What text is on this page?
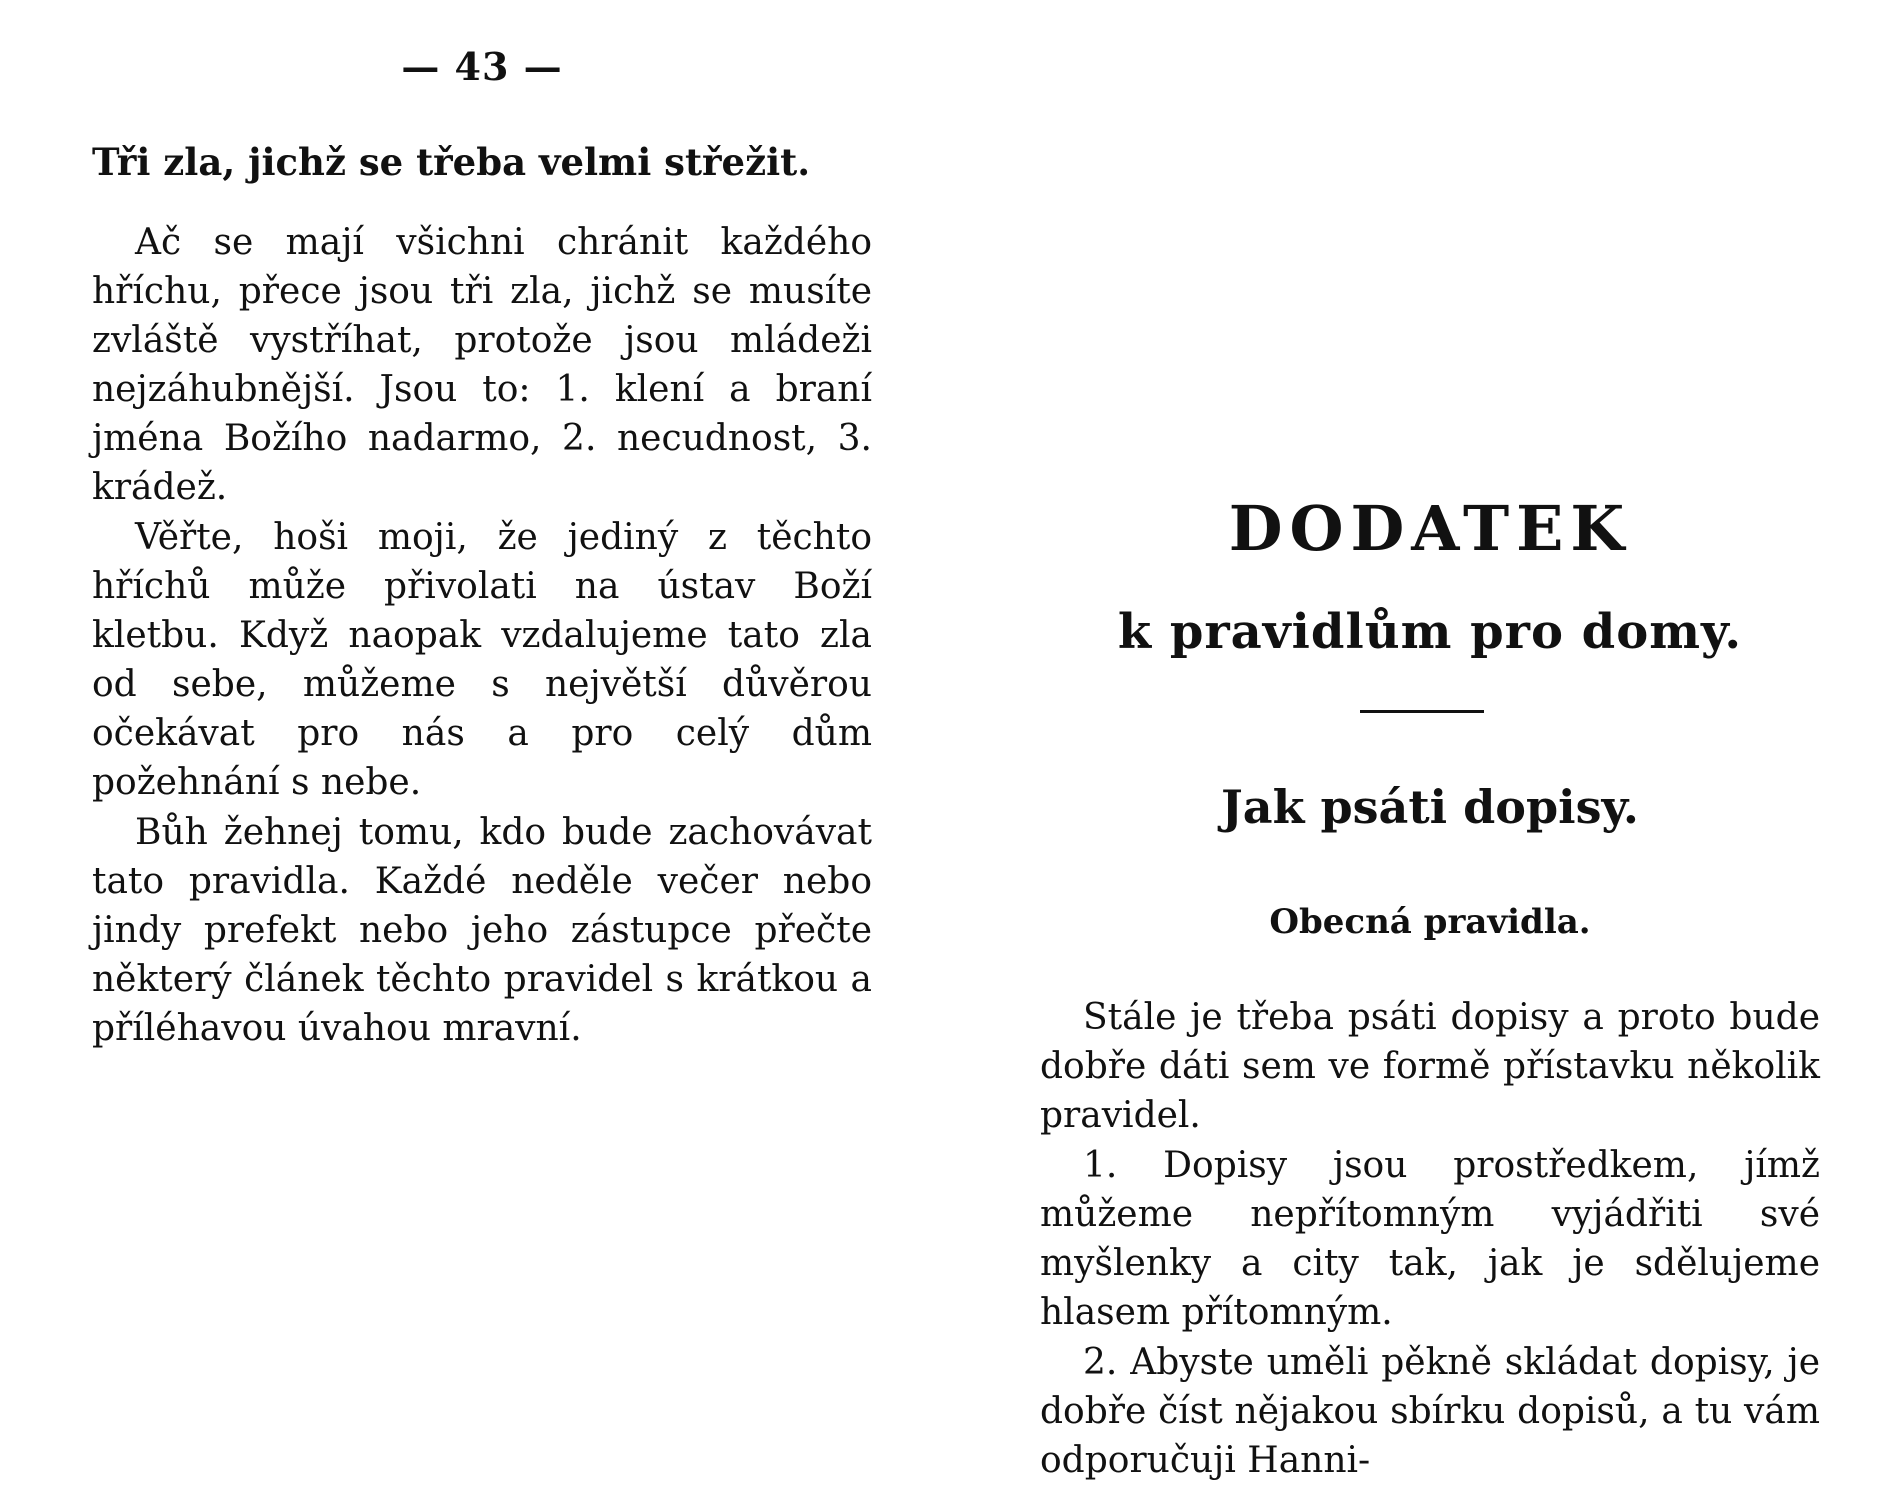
— 43 —
Tři zla, jichž se třeba velmi střežit.

Ač se mají všichni chránit každého hříchu, přece jsou tři zla, jichž se musíte zvláště vystříhat, protože jsou mládeži nejzáhubnější. Jsou to: 1. klení a braní jména Božího nadarmo, 2. necudnost, 3. krádež.

Věřte, hoši moji, že jediný z těchto hříchů může přivolati na ústav Boží kletbu. Když naopak vzdalujeme tato zla od sebe, můžeme s největší důvěrou očekávat pro nás a pro celý dům požehnání s nebe.

Bůh žehnej tomu, kdo bude zachovávat tato pravidla. Každé neděle večer nebo jindy prefekt nebo jeho zástupce přečte některý článek těchto pravidel s krátkou a příléhavou úvahou mravní.

DODATEK
k pravidlům pro domy.
Jak psáti dopisy.
Obecná pravidla.

Stále je třeba psáti dopisy a proto bude dobře dáti sem ve formě přístavku několik pravidel.

1. Dopisy jsou prostředkem, jímž můžeme nepřítomným vyjádřiti své myšlenky a city tak, jak je sdělujeme hlasem přítomným.

2. Abyste uměli pěkně skládat dopisy, je dobře číst nějakou sbírku dopisů, a tu vám odporučuji Hanni-
